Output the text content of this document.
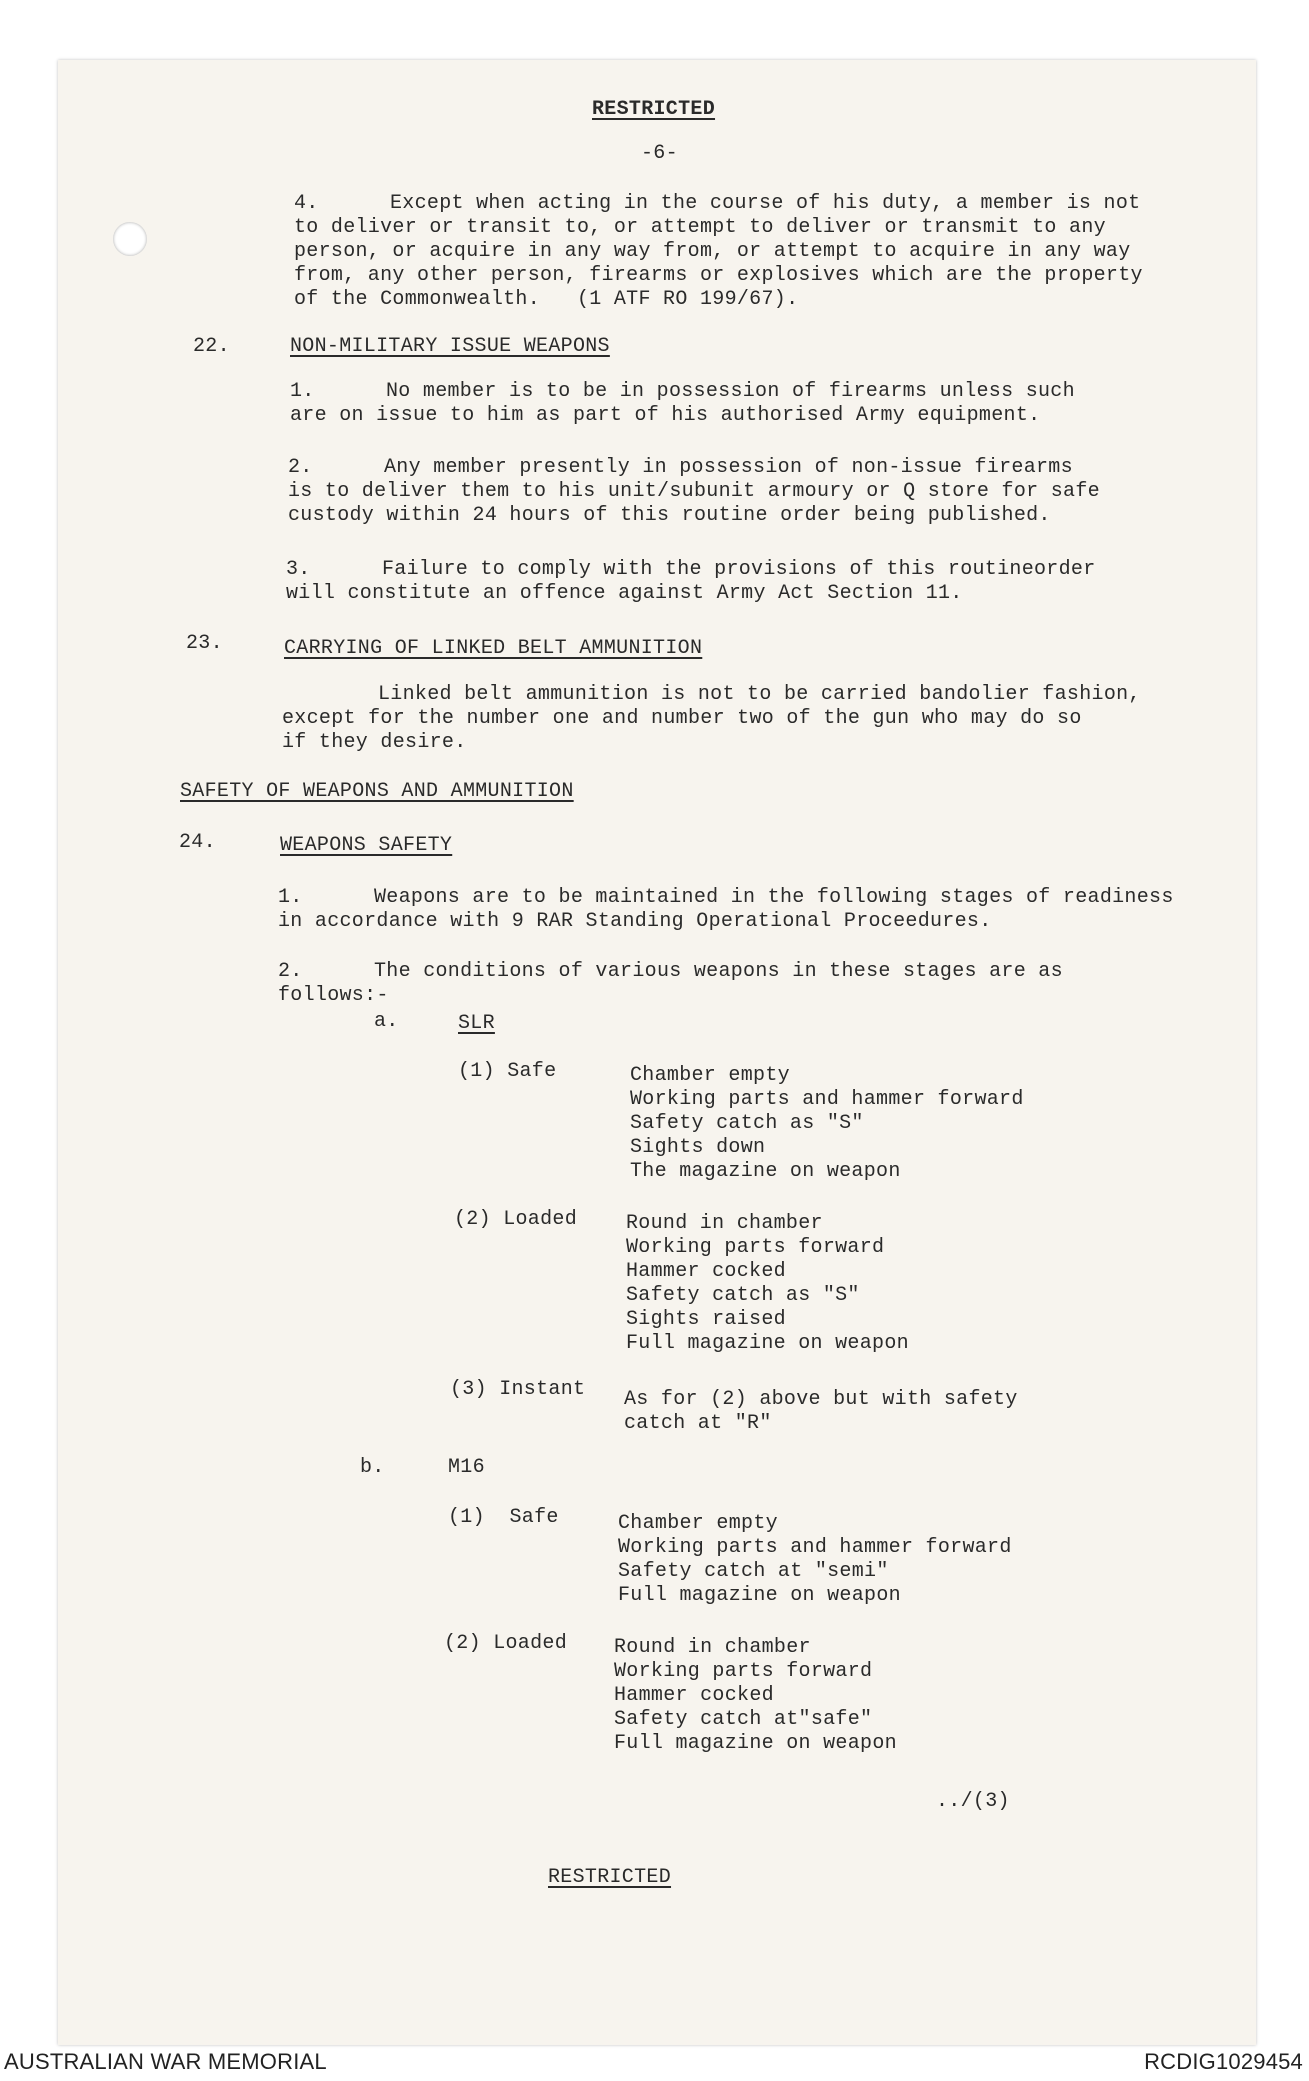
RESTRICTED
-6-
4.	Except when acting in the course of his duty, a member is not
to deliver or transit to, or attempt to deliver or transmit to any
person, or acquire in any way from, or attempt to acquire in any way
from, any other person, firearms or explosives which are the property
of the Commonwealth.   (1 ATF RO 199/67).
22.	NON-MILITARY ISSUE WEAPONS
1.	No member is to be in possession of firearms unless such
are on issue to him as part of his authorised Army equipment.
2.	Any member presently in possession of non-issue firearms
is to deliver them to his unit/subunit armoury or Q store for safe
custody within 24 hours of this routine order being published.
3.	Failure to comply with the provisions of this routineorder
will constitute an offence against Army Act Section 11.
23.	CARRYING OF LINKED BELT AMMUNITION
Linked belt ammunition is not to be carried bandolier fashion,
except for the number one and number two of the gun who may do so
if they desire.
SAFETY OF WEAPONS AND AMMUNITION
24.	WEAPONS SAFETY
1.	Weapons are to be maintained in the following stages of readiness
in accordance with 9 RAR Standing Operational Proceedures.
2.	The conditions of various weapons in these stages are as
follows:-
a.	SLR
(1) Safe	Chamber empty
Working parts and hammer forward
Safety catch as "S"
Sights down
The magazine on weapon
(2) Loaded Round in chamber
Working parts forward
Hammer cocked
Safety catch as "S"
Sights raised
Full magazine on weapon
(3) Instant As for (2) above but with safety
catch at "R"
b.	M16
(1)  Safe	Chamber empty
Working parts and hammer forward
Safety catch at "semi"
Full magazine on weapon
(2) Loaded Round in chamber
Working parts forward
Hammer cocked
Safety catch at"safe"
Full magazine on weapon
../(3)
RESTRICTED
AUSTRALIAN WAR MEMORIAL	RCDIG1029454
